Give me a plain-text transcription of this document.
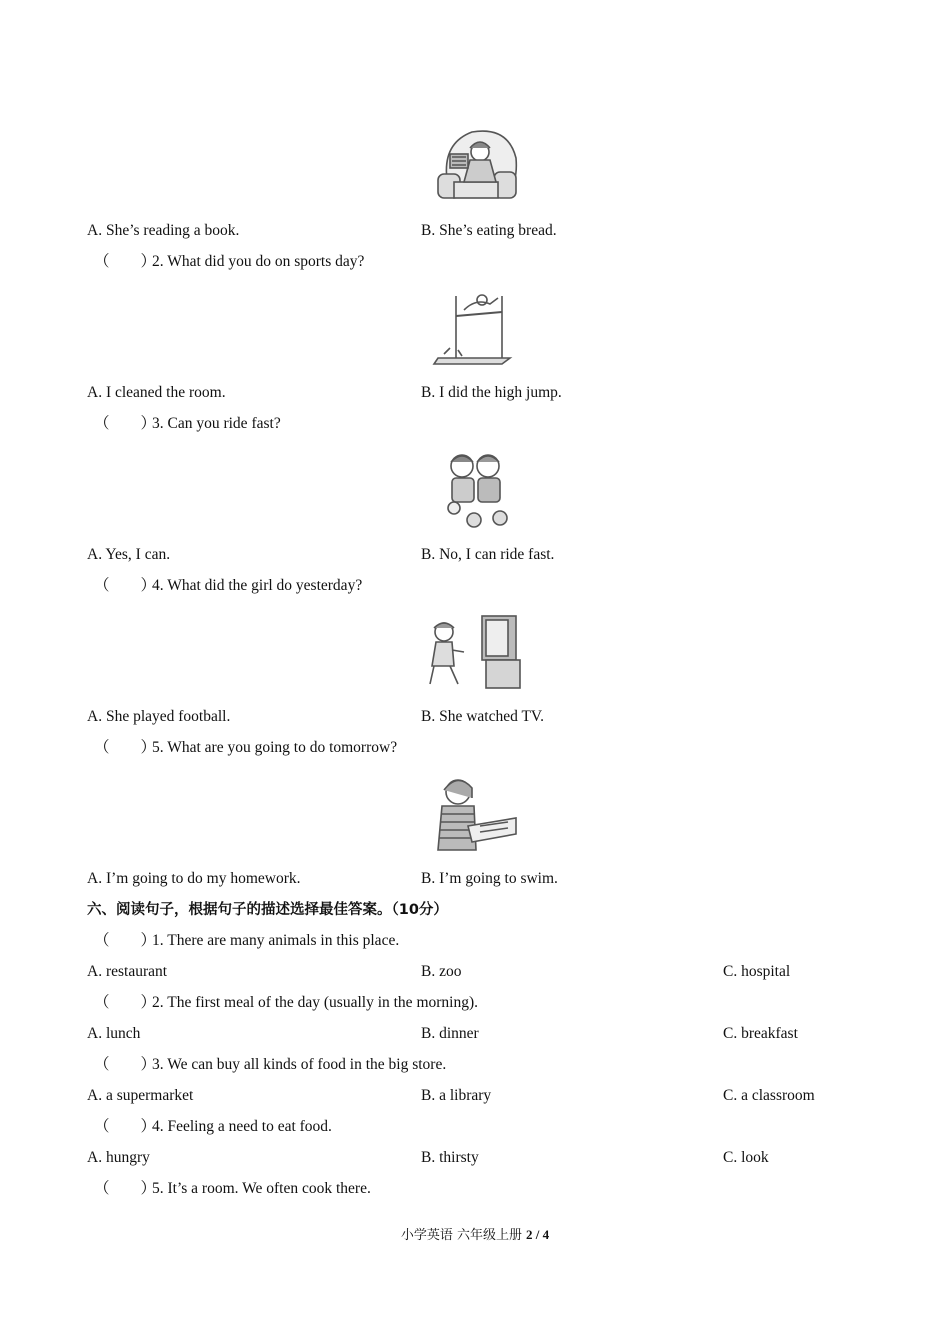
A. She’s reading a book.	B. She’s eating bread.
（　　）2. What did you do on sports day?
A. I cleaned the room.	B. I did the high jump.
（　　）3. Can you ride fast?
A. Yes, I can.	B. No, I can ride fast.
（　　）4. What did the girl do yesterday?
A. She played football.	B. She watched TV.
（　　）5. What are you going to do tomorrow?
A. I’m going to do my homework.	B. I’m going to swim.
六、阅读句子，根据句子的描述选择最佳答案。（10分）
（　　）1. There are many animals in this place.
A. restaurant	B. zoo	C. hospital
（　　）2. The first meal of the day (usually in the morning).
A. lunch	B. dinner	C. breakfast
（　　）3. We can buy all kinds of food in the big store.
A. a supermarket	B. a library	C. a classroom
（　　）4. Feeling a need to eat food.
A. hungry	B. thirsty	C. look
（　　）5. It’s a room. We often cook there.
小学英语 六年级上册 2 / 4
